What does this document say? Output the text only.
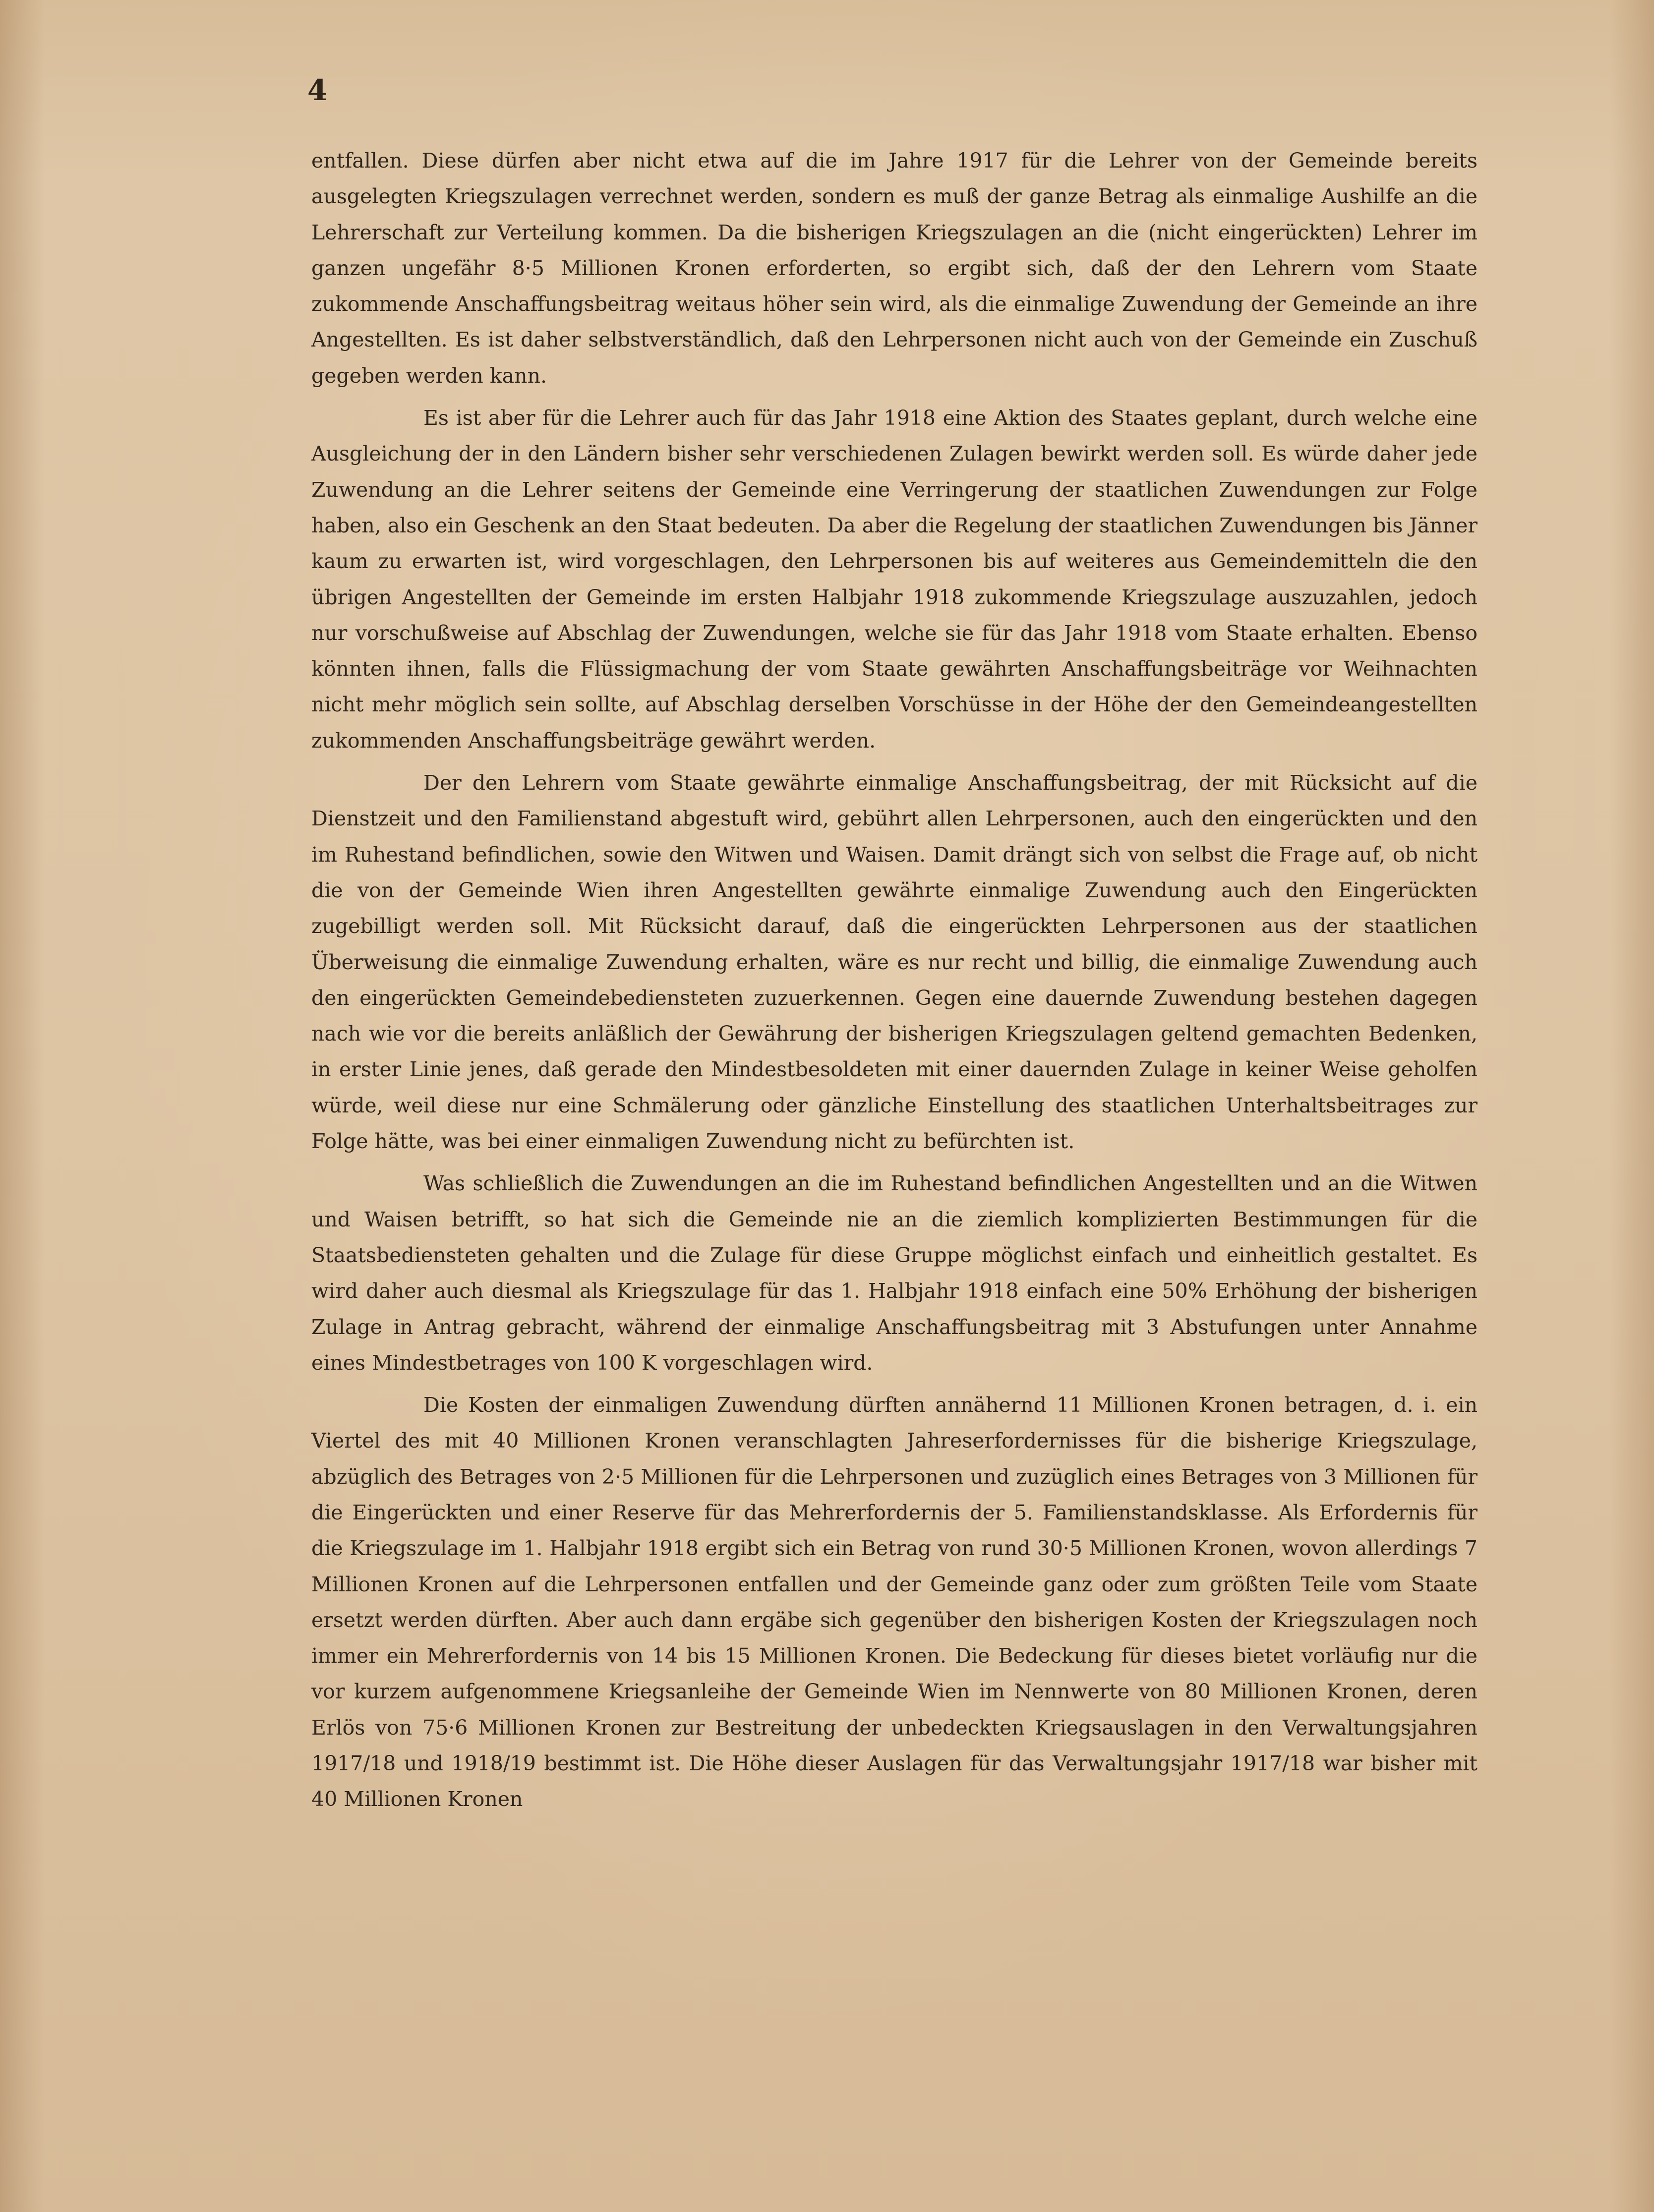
4

entfallen. Diese dürfen aber nicht etwa auf die im Jahre 1917 für die Lehrer von der Gemeinde bereits ausgelegten Kriegszulagen verrechnet werden, sondern es muß der ganze Betrag als einmalige Aushilfe an die Lehrerschaft zur Verteilung kommen. Da die bisherigen Kriegszulagen an die (nicht eingerückten) Lehrer im ganzen ungefähr 8·5 Millionen Kronen erforderten, so ergibt sich, daß der den Lehrern vom Staate zukommende Anschaffungsbeitrag weitaus höher sein wird, als die einmalige Zuwendung der Gemeinde an ihre Angestellten. Es ist daher selbstverständlich, daß den Lehrpersonen nicht auch von der Gemeinde ein Zuschuß gegeben werden kann.

Es ist aber für die Lehrer auch für das Jahr 1918 eine Aktion des Staates geplant, durch welche eine Ausgleichung der in den Ländern bisher sehr verschiedenen Zulagen bewirkt werden soll. Es würde daher jede Zuwendung an die Lehrer seitens der Gemeinde eine Verringerung der staatlichen Zuwendungen zur Folge haben, also ein Geschenk an den Staat bedeuten. Da aber die Regelung der staatlichen Zuwendungen bis Jänner kaum zu erwarten ist, wird vorgeschlagen, den Lehrpersonen bis auf weiteres aus Gemeindemitteln die den übrigen Angestellten der Gemeinde im ersten Halbjahr 1918 zukommende Kriegszulage auszuzahlen, jedoch nur vorschußweise auf Abschlag der Zuwendungen, welche sie für das Jahr 1918 vom Staate erhalten. Ebenso könnten ihnen, falls die Flüssigmachung der vom Staate gewährten Anschaffungsbeiträge vor Weihnachten nicht mehr möglich sein sollte, auf Abschlag derselben Vorschüsse in der Höhe der den Gemeindeangestellten zukommenden Anschaffungsbeiträge gewährt werden.

Der den Lehrern vom Staate gewährte einmalige Anschaffungsbeitrag, der mit Rücksicht auf die Dienstzeit und den Familienstand abgestuft wird, gebührt allen Lehrpersonen, auch den eingerückten und den im Ruhestand befindlichen, sowie den Witwen und Waisen. Damit drängt sich von selbst die Frage auf, ob nicht die von der Gemeinde Wien ihren Angestellten gewährte einmalige Zuwendung auch den Eingerückten zugebilligt werden soll. Mit Rücksicht darauf, daß die eingerückten Lehrpersonen aus der staatlichen Überweisung die einmalige Zuwendung erhalten, wäre es nur recht und billig, die einmalige Zuwendung auch den eingerückten Gemeindebediensteten zuzuerkennen. Gegen eine dauernde Zuwendung bestehen dagegen nach wie vor die bereits anläßlich der Gewährung der bisherigen Kriegszulagen geltend gemachten Bedenken, in erster Linie jenes, daß gerade den Mindestbesoldeten mit einer dauernden Zulage in keiner Weise geholfen würde, weil diese nur eine Schmälerung oder gänzliche Einstellung des staatlichen Unterhaltsbeitrages zur Folge hätte, was bei einer einmaligen Zuwendung nicht zu befürchten ist.

Was schließlich die Zuwendungen an die im Ruhestand befindlichen Angestellten und an die Witwen und Waisen betrifft, so hat sich die Gemeinde nie an die ziemlich komplizierten Bestimmungen für die Staatsbediensteten gehalten und die Zulage für diese Gruppe möglichst einfach und einheitlich gestaltet. Es wird daher auch diesmal als Kriegszulage für das 1. Halbjahr 1918 einfach eine 50% Erhöhung der bisherigen Zulage in Antrag gebracht, während der einmalige Anschaffungsbeitrag mit 3 Abstufungen unter Annahme eines Mindestbetrages von 100 K vorgeschlagen wird.

Die Kosten der einmaligen Zuwendung dürften annähernd 11 Millionen Kronen betragen, d. i. ein Viertel des mit 40 Millionen Kronen veranschlagten Jahreserfordernisses für die bisherige Kriegszulage, abzüglich des Betrages von 2·5 Millionen für die Lehrpersonen und zuzüglich eines Betrages von 3 Millionen für die Eingerückten und einer Reserve für das Mehrerfordernis der 5. Familienstandsklasse. Als Erfordernis für die Kriegszulage im 1. Halbjahr 1918 ergibt sich ein Betrag von rund 30·5 Millionen Kronen, wovon allerdings 7 Millionen Kronen auf die Lehrpersonen entfallen und der Gemeinde ganz oder zum größten Teile vom Staate ersetzt werden dürften. Aber auch dann ergäbe sich gegenüber den bisherigen Kosten der Kriegszulagen noch immer ein Mehrerfordernis von 14 bis 15 Millionen Kronen. Die Bedeckung für dieses bietet vorläufig nur die vor kurzem aufgenommene Kriegsanleihe der Gemeinde Wien im Nennwerte von 80 Millionen Kronen, deren Erlös von 75·6 Millionen Kronen zur Bestreitung der unbedeckten Kriegsauslagen in den Verwaltungsjahren 1917/18 und 1918/19 bestimmt ist. Die Höhe dieser Auslagen für das Verwaltungsjahr 1917/18 war bisher mit 40 Millionen Kronen
